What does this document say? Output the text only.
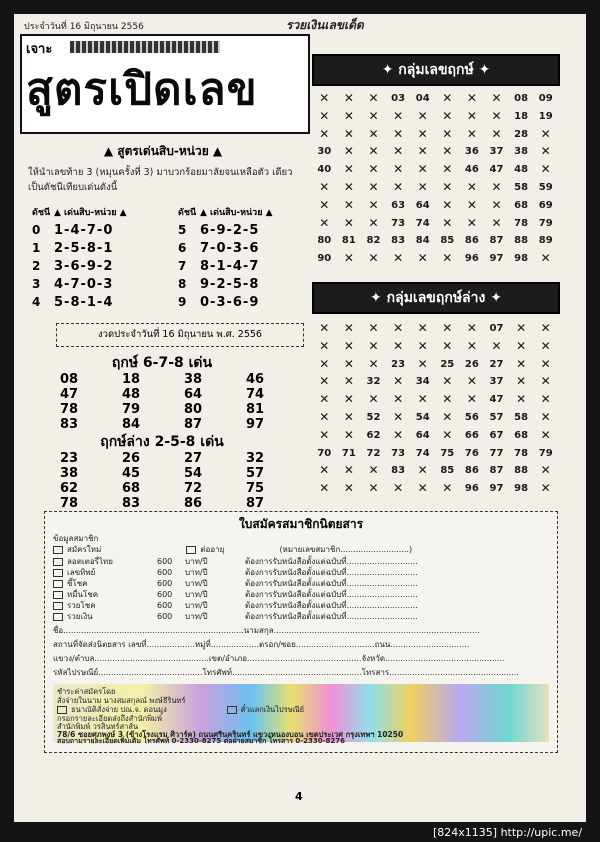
ประจำวันที่ 16 มิถุนายน 2556	รวยเงินเลขเด็ด
เจาะ
สูตรเปิดเลข
▲ สูตรเด่นสิบ-หน่วย ▲
ให้นำเลขท้าย 3 (หมุนครั้งที่ 3) มาบวกร้อยมาลัยจนเหลือตัว เดียวเป็นดัชนีเทียบเด่นดังนี้
ดัชนี ▲ เด่นสิบ-หน่วย ▲
0	1-4-7-0
1	2-5-8-1
2	3-6-9-2
3	4-7-0-3
4	5-8-1-4
ดัชนี ▲ เด่นสิบ-หน่วย ▲
5	6-9-2-5
6	7-0-3-6
7	8-1-4-7
8	9-2-5-8
9	0-3-6-9
งวดประจำวันที่ 16 มิถุนายน พ.ศ. 2556
ฤกษ์ 6-7-8 เด่น
08	18	38	46
47	48	64	74
78	79	80	81
83	84	87	97
ฤกษ์ล่าง 2-5-8 เด่น
23	26	27	32
38	45	54	57
62	68	72	75
78	83	86	87
✦ กลุ่มเลขฤกษ์ ✦
✕	✕	✕	03	04	✕	✕	✕	08	09
✕	✕	✕	✕	✕	✕	✕	✕	18	19
✕	✕	✕	✕	✕	✕	✕	✕	28	✕
30	✕	✕	✕	✕	✕	36	37	38	✕
40	✕	✕	✕	✕	✕	46	47	48	✕
✕	✕	✕	✕	✕	✕	✕	✕	58	59
✕	✕	✕	63	64	✕	✕	✕	68	69
✕	✕	✕	73	74	✕	✕	✕	78	79
80	81	82	83	84	85	86	87	88	89
90	✕	✕	✕	✕	✕	96	97	98	✕
✦ กลุ่มเลขฤกษ์ล่าง ✦
✕	✕	✕	✕	✕	✕	✕	07	✕	✕
✕	✕	✕	✕	✕	✕	✕	✕	✕	✕
✕	✕	✕	23	✕	25	26	27	✕	✕
✕	✕	32	✕	34	✕	✕	37	✕	✕
✕	✕	✕	✕	✕	✕	✕	47	✕	✕
✕	✕	52	✕	54	✕	56	57	58	✕
✕	✕	62	✕	64	✕	66	67	68	✕
70	71	72	73	74	75	76	77	78	79
✕	✕	✕	83	✕	85	86	87	88	✕
✕	✕	✕	✕	✕	✕	96	97	98	✕
ใบสมัครสมาชิกนิตยสาร
ข้อมูลสมาชิก
สมัครใหม่	ต่ออายุ	(หมายเลขสมาชิก...........................)
ลอตเตอรี่ไทย	600 บาท/ปี	ต้องการรับหนังสือตั้งแต่ฉบับที่............................
เลขทิพย์	600 บาท/ปี	ต้องการรับหนังสือตั้งแต่ฉบับที่............................
ชี้โชค	600 บาท/ปี	ต้องการรับหนังสือตั้งแต่ฉบับที่............................
หมื่นโชค	600 บาท/ปี	ต้องการรับหนังสือตั้งแต่ฉบับที่............................
รวยโชค	600 บาท/ปี	ต้องการรับหนังสือตั้งแต่ฉบับที่............................
รวยเงิน	600 บาท/ปี	ต้องการรับหนังสือตั้งแต่ฉบับที่............................
ชื่อ.......................................................................นามสกุล.................................................................................
สถานที่จัดส่งนิตยสาร เลขที่...................หมู่ที่...................ตรอก/ซอย...............................ถนน...............................
แขวง/ตำบล.............................................เขต/อำเภอ.............................................จังหวัด...............................................
รหัสไปรษณีย์.........................................โทรศัพท์...................................................โทรสาร...................................................
ชำระค่าสมัครโดย
สั่งจ่ายในนาม นางสมสกุลณ์ พงษ์ธีรินทร์
ธนาณัติสั่งจ่าย ปณ.จ. ดอนมูง	ตั๋วแลกเงินไปรษณีย์
กรอกรายละเอียดส่งถึงสำนักพิมพ์
สำนักพิมพ์ วรสินทร์สาส์น
78/6 ซอยศุภพงษ์ 3 (ข้างโรงแรม ศิวาร์ค) ถนนศรีนครินทร์ แขวงหนองบอน เขตประเวศ กรุงเทพฯ 10250
สอบถามรายละเอียดเพิ่มเติม โทรศัพท์ 0-2330-8275 ต่อฝ่ายสมาชิก โทรสาร 0-2330-8276
4
[824x1135] http://upic.me/
